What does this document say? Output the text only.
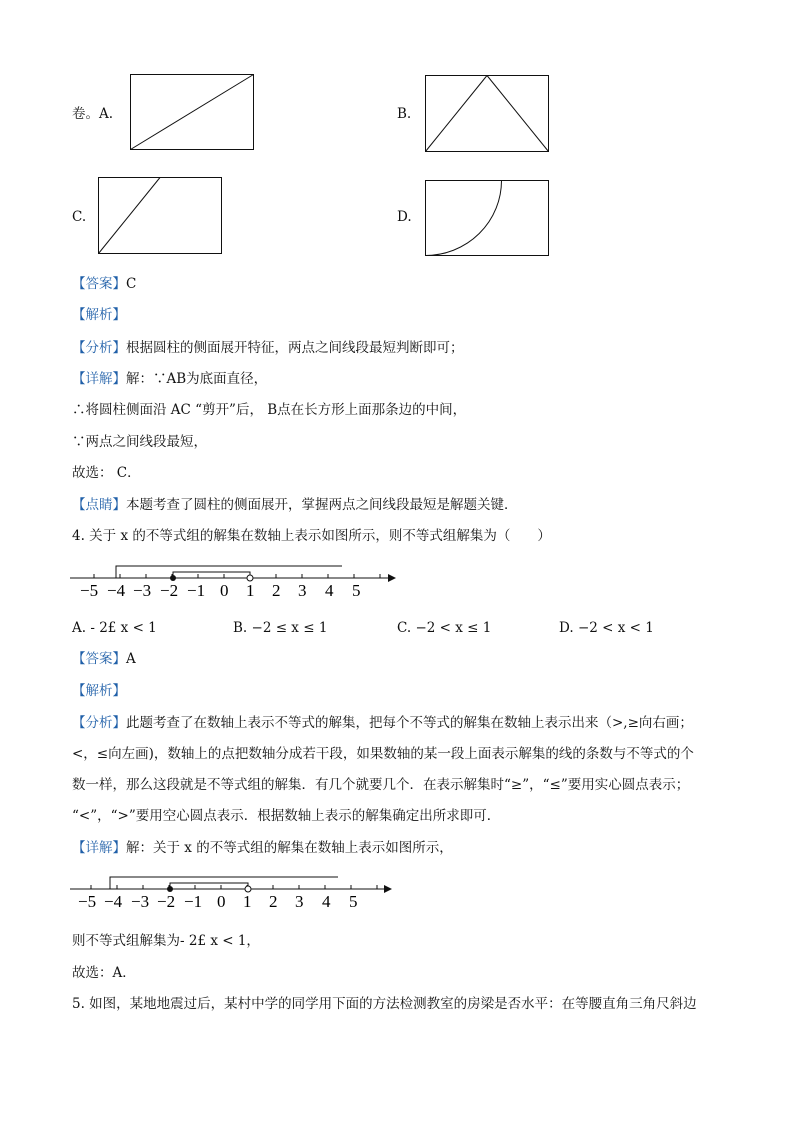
卷。A.	B.
C.	D.
【答案】C
【解析】
【分析】根据圆柱的侧面展开特征，两点之间线段最短判断即可；
【详解】解：∵AB为底面直径，
∴将圆柱侧面沿 AC “剪开”后， B点在长方形上面那条边的中间，
∵两点之间线段最短，
故选： C．
【点睛】本题考查了圆柱的侧面展开，掌握两点之间线段最短是解题关键．
4. 关于 x 的不等式组的解集在数轴上表示如图所示，则不等式组解集为（　　）
−5 −4 −3 −2 −1 0 1 2 3 4 5
A. - 2£ x < 1	B. −2 ≤ x ≤ 1	C. −2 < x ≤ 1	D. −2 < x < 1
【答案】A
【解析】
【分析】此题考查了在数轴上表示不等式的解集，把每个不等式的解集在数轴上表示出来（>,≥向右画；
<，≤向左画)，数轴上的点把数轴分成若干段，如果数轴的某一段上面表示解集的线的条数与不等式的个
数一样，那么这段就是不等式组的解集．有几个就要几个．在表示解集时“≥”，“≤”要用实心圆点表示；
“<”，“>”要用空心圆点表示．根据数轴上表示的解集确定出所求即可．
【详解】解：关于 x 的不等式组的解集在数轴上表示如图所示，
−5 −4 −3 −2 −1 0 1 2 3 4 5
则不等式组解集为- 2£ x < 1，
故选：A．
5. 如图，某地地震过后，某村中学的同学用下面的方法检测教室的房梁是否水平：在等腰直角三角尺斜边
